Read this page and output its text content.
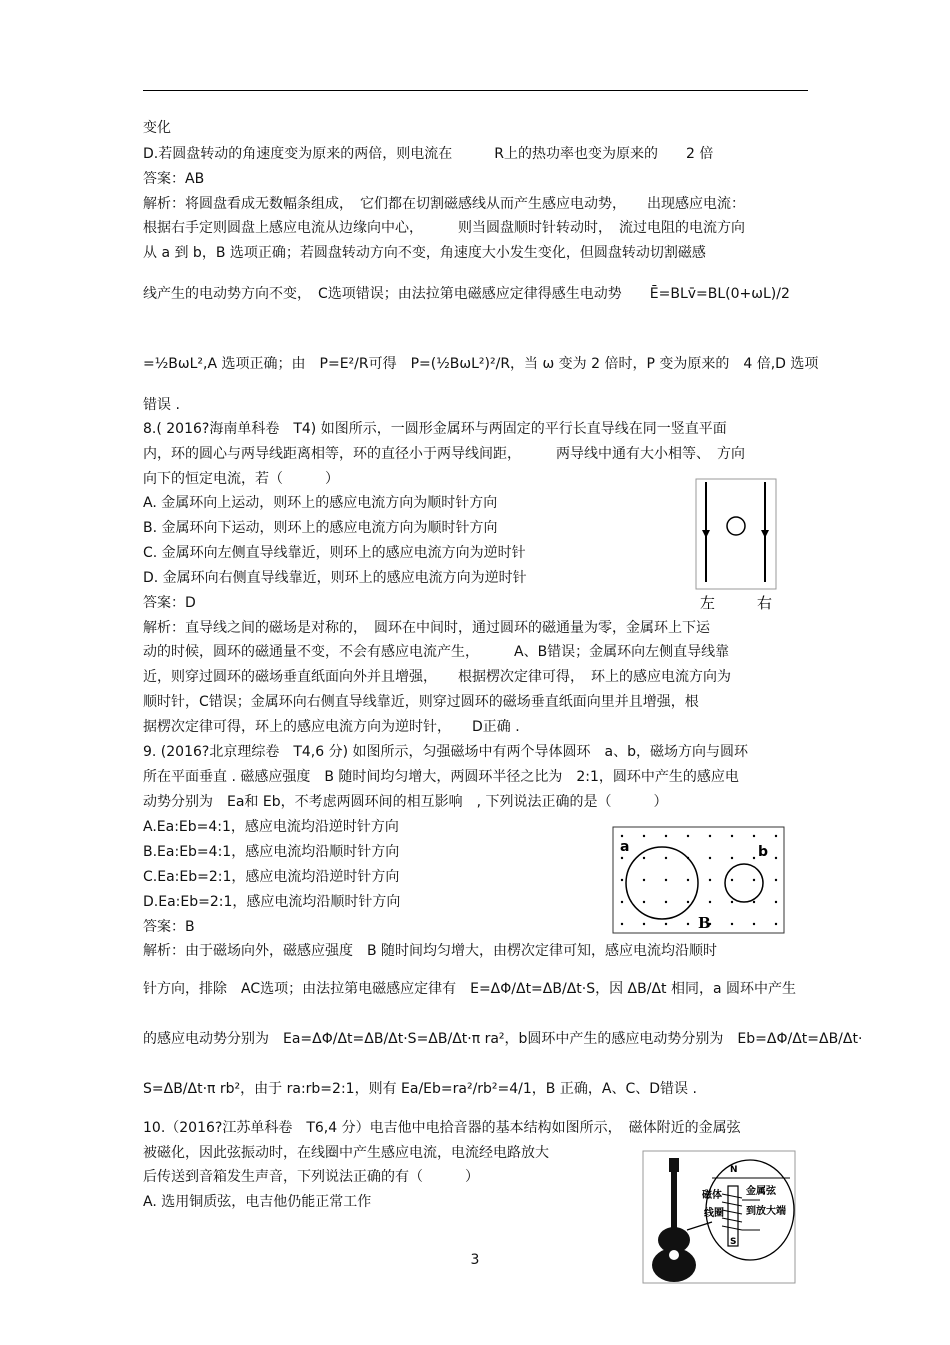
变化
D.若圆盘转动的角速度变为原来的两倍，则电流在　　　R上的热功率也变为原来的　　2 倍
答案：AB
解析：将圆盘看成无数幅条组成，　它们都在切割磁感线从而产生感应电动势，　　出现感应电流：
根据右手定则圆盘上感应电流从边缘向中心，　　　则当圆盘顺时针转动时，　流过电阻的电流方向
从 a 到 b，B 选项正确；若圆盘转动方向不变，角速度大小发生变化，但圆盘转动切割磁感
线产生的电动势方向不变，　C选项错误；由法拉第电磁感应定律得感生电动势　　Ē=BLv̄=BL(0+ωL)/2
=½BωL²,A 选项正确；由　P=E²/R可得　P=(½BωL²)²/R，当 ω 变为 2 倍时，P 变为原来的　4 倍,D 选项
错误 .
8.( 2016?海南单科卷　T4) 如图所示，一圆形金属环与两固定的平行长直导线在同一竖直平面
内，环的圆心与两导线距离相等，环的直径小于两导线间距，　　　两导线中通有大小相等、　方向
向下的恒定电流，若（　　　）
A. 金属环向上运动，则环上的感应电流方向为顺时针方向
B. 金属环向下运动，则环上的感应电流方向为顺时针方向
C. 金属环向左侧直导线靠近，则环上的感应电流方向为逆时针
D. 金属环向右侧直导线靠近，则环上的感应电流方向为逆时针
答案：D
解析：直导线之间的磁场是对称的，　圆环在中间时，通过圆环的磁通量为零，金属环上下运
动的时候，圆环的磁通量不变，不会有感应电流产生，　　　A、B错误；金属环向左侧直导线靠
近，则穿过圆环的磁场垂直纸面向外并且增强，　　根据楞次定律可得，　环上的感应电流方向为
顺时针，C错误；金属环向右侧直导线靠近，则穿过圆环的磁场垂直纸面向里并且增强，根
据楞次定律可得，环上的感应电流方向为逆时针，　　D正确 .
9. (2016?北京理综卷　T4,6 分) 如图所示，匀强磁场中有两个导体圆环　a、b，磁场方向与圆环
所在平面垂直 . 磁感应强度　B 随时间均匀增大，两圆环半径之比为　2:1，圆环中产生的感应电
动势分别为　Ea和 Eb，不考虑两圆环间的相互影响　, 下列说法正确的是（　　　）
A.Ea:Eb=4:1，感应电流均沿逆时针方向
B.Ea:Eb=4:1，感应电流均沿顺时针方向
C.Ea:Eb=2:1，感应电流均沿逆时针方向
D.Ea:Eb=2:1，感应电流均沿顺时针方向
答案：B
解析：由于磁场向外，磁感应强度　B 随时间均匀增大，由楞次定律可知，感应电流均沿顺时
针方向，排除　AC选项；由法拉第电磁感应定律有　E=ΔΦ/Δt=ΔB/Δt·S，因 ΔB/Δt 相同，a 圆环中产生
的感应电动势分别为　Ea=ΔΦ/Δt=ΔB/Δt·S=ΔB/Δt·π ra²，b圆环中产生的感应电动势分别为　Eb=ΔΦ/Δt=ΔB/Δt·
S=ΔB/Δt·π rb²，由于 ra:rb=2:1，则有 Ea/Eb=ra²/rb²=4/1，B 正确，A、C、D错误 .
10.（2016?江苏单科卷　T6,4 分）电吉他中电拾音器的基本结构如图所示，　磁体附近的金属弦
被磁化，因此弦振动时，在线圈中产生感应电流，电流经电路放大
后传送到音箱发生声音，下列说法正确的有（　　　）
A. 选用铜质弦，电吉他仍能正常工作
左	右
a	b
B
N
S
磁体 金属弦
线圈 到放大端
3
